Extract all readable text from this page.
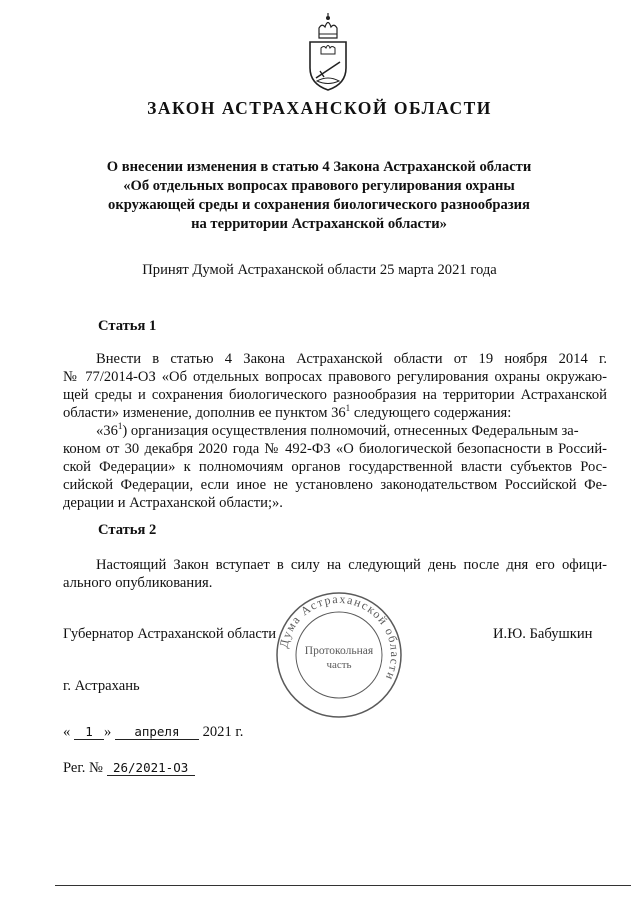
ЗАКОН АСТРАХАНСКОЙ ОБЛАСТИ
О внесении изменения в статью 4 Закона Астраханской области
«Об отдельных вопросах правового регулирования охраны
окружающей среды и сохранения биологического разнообразия
на территории Астраханской области»
Принят Думой Астраханской области 25 марта 2021 года
Статья 1
Внести в статью 4 Закона Астраханской области от 19 ноября 2014 г.
№ 77/2014-ОЗ «Об отдельных вопросах правового регулирования охраны окружаю-
щей среды и сохранения биологического разнообразия на территории Астраханской
области» изменение, дополнив ее пунктом $36^1$ следующего содержания:
«$36^1$) организация осуществления полномочий, отнесенных Федеральным за-
коном от 30 декабря 2020 года № 492-ФЗ «О биологической безопасности в Россий-
ской Федерации» к полномочиям органов государственной власти субъектов Рос-
сийской Федерации, если иное не установлено законодательством Российской Фе-
дерации и Астраханской области;».
Статья 2
Настоящий Закон вступает в силу на следующий день после дня его офици-
ального опубликования.
Дума Астраханской области
Протокольная
часть
Губернатор Астраханской области	И.Ю. Бабушкин
г. Астрахань
« 1 » апреля 2021 г.
Рег. № 26/2021-ОЗ
